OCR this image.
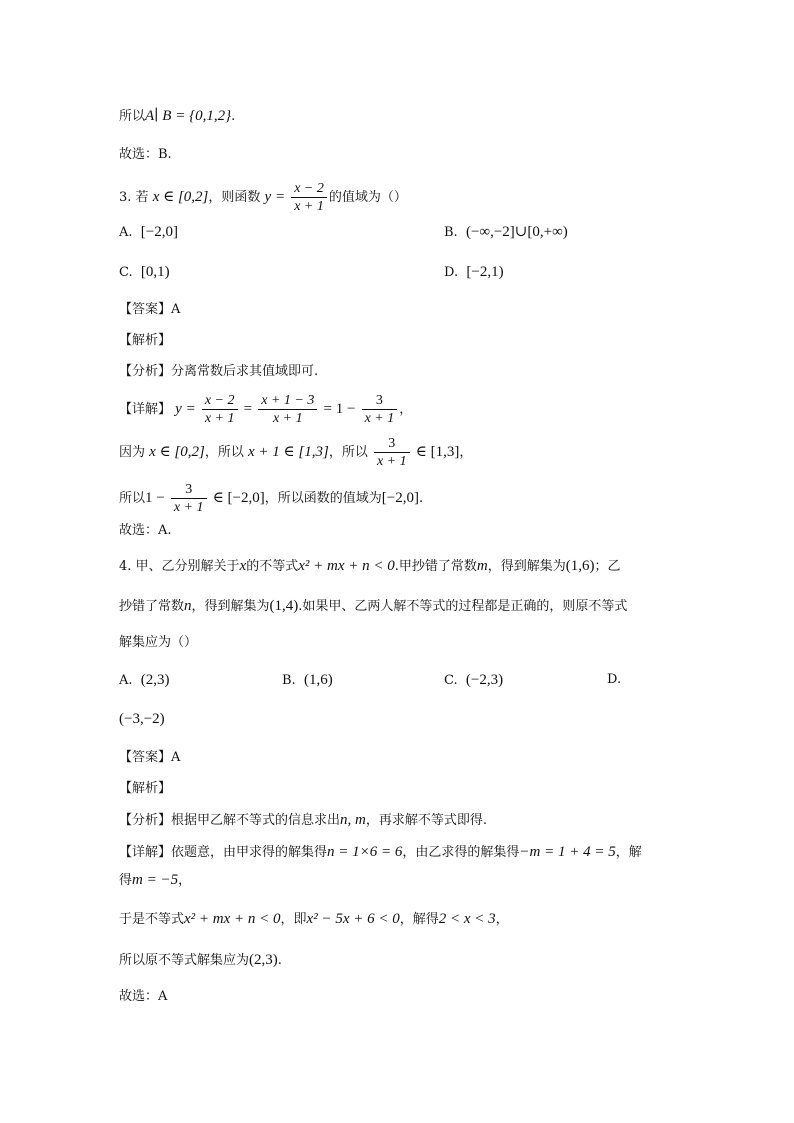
所以A∣ B = {0,1,2}.
故选：B.
3. 若 x ∈ [0,2]，则函数 $y = \frac{x - 2}{x + 1}$ 的值域为（）
A. [−2,0]	B. (−∞,−2]∪[0,+∞)
C. [0,1)	D. [−2,1)
【答案】A
【解析】
【分析】分离常数后求其值域即可.
【详解】 $y = \frac{x - 2}{x + 1} = \frac{x + 1 - 3}{x + 1} = 1 - \frac{3}{x + 1}$ ，
因为 x ∈ [0,2]，所以 x + 1 ∈ [1,3]，所以 $\frac{3}{x + 1}$ ∈ [1,3]，
所以$1 - \frac{3}{x + 1}$ ∈ [−2,0]，所以函数的值域为[−2,0].
故选：A.
4. 甲、乙分别解关于x的不等式x² + mx + n < 0.甲抄错了常数m，得到解集为(1,6)；乙
抄错了常数n，得到解集为(1,4).如果甲、乙两人解不等式的过程都是正确的，则原不等式
解集应为（）
A. (2,3)	B. (1,6)	C. (−2,3)	D.
(−3,−2)
【答案】A
【解析】
【分析】根据甲乙解不等式的信息求出n, m，再求解不等式即得.
【详解】依题意，由甲求得的解集得n = 1×6 = 6，由乙求得的解集得−m = 1 + 4 = 5，解
得m = −5，
于是不等式x² + mx + n < 0，即x² − 5x + 6 < 0，解得2 < x < 3，
所以原不等式解集应为(2,3).
故选：A
